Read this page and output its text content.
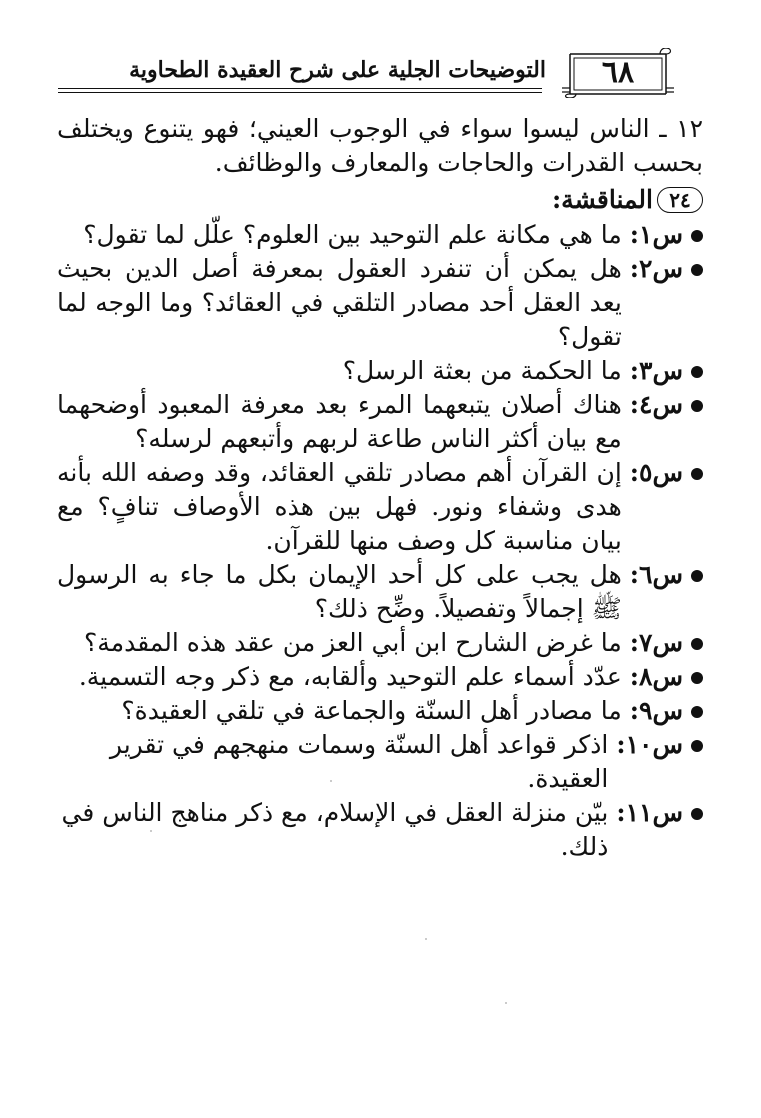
التوضيحات الجلية على شرح العقيدة الطحاوية	٦٨

١٢ ـ الناس ليسوا سواء في الوجوب العيني؛ فهو يتنوع ويختلف بحسب القدرات والحاجات والمعارف والوظائف.

٢٤
المناقشة:
س١:
ما هي مكانة علم التوحيد بين العلوم؟ علّل لما تقول؟
س٢:
هل يمكن أن تنفرد العقول بمعرفة أصل الدين بحيث يعد العقل أحد مصادر التلقي في العقائد؟ وما الوجه لما تقول؟
س٣:
ما الحكمة من بعثة الرسل؟
س٤:
هناك أصلان يتبعهما المرء بعد معرفة المعبود أوضحهما مع بيان أكثر الناس طاعة لربهم وأتبعهم لرسله؟
س٥:
إن القرآن أهم مصادر تلقي العقائد، وقد وصفه الله بأنه هدى وشفاء ونور. فهل بين هذه الأوصاف تنافٍ؟ مع بيان مناسبة كل وصف منها للقرآن.
س٦:
هل يجب على كل أحد الإيمان بكل ما جاء به الرسول ﷺ إجمالاً وتفصيلاً. وضِّح ذلك؟
س٧:
ما غرض الشارح ابن أبي العز من عقد هذه المقدمة؟
س٨:
عدّد أسماء علم التوحيد وألقابه، مع ذكر وجه التسمية.
س٩:
ما مصادر أهل السنّة والجماعة في تلقي العقيدة؟
س١٠:
اذكر قواعد أهل السنّة وسمات منهجهم في تقرير العقيدة.
س١١:
بيّن منزلة العقل في الإسلام، مع ذكر مناهج الناس في ذلك.
